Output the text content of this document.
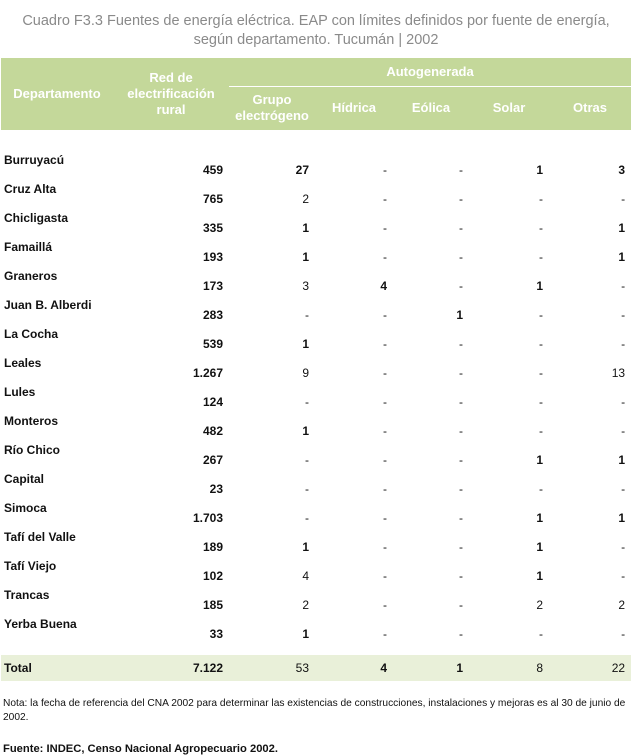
Cuadro F3.3 Fuentes de energía eléctrica. EAP con límites definidos por fuente de energía, según departamento. Tucumán | 2002
Departamento	Red de electrificación rural	Autogenerada				
		Grupo electrógeno	Hídrica	Eólica	Solar	Otras

Burruyacú	459	27	-	-	1	3
Cruz Alta	765	2	-	-	-	-
Chicligasta	335	1	-	-	-	1
Famaillá	193	1	-	-	-	1
Graneros	173	3	4	-	1	-
Juan B. Alberdi	283	-	-	1	-	-
La Cocha	539	1	-	-	-	-
Leales	1.267	9	-	-	-	13
Lules	124	-	-	-	-	-
Monteros	482	1	-	-	-	-
Río Chico	267	-	-	-	1	1
Capital	23	-	-	-	-	-
Simoca	1.703	-	-	-	1	1
Tafí del Valle	189	1	-	-	1	-
Tafí Viejo	102	4	-	-	1	-
Trancas	185	2	-	-	2	2
Yerba Buena	33	1	-	-	-	-

Total	7.122	53	4	1	8	22
Nota: la fecha de referencia del CNA 2002 para determinar las existencias de construcciones, instalaciones y mejoras es al 30 de junio de 2002.
Fuente: INDEC, Censo Nacional Agropecuario 2002.
